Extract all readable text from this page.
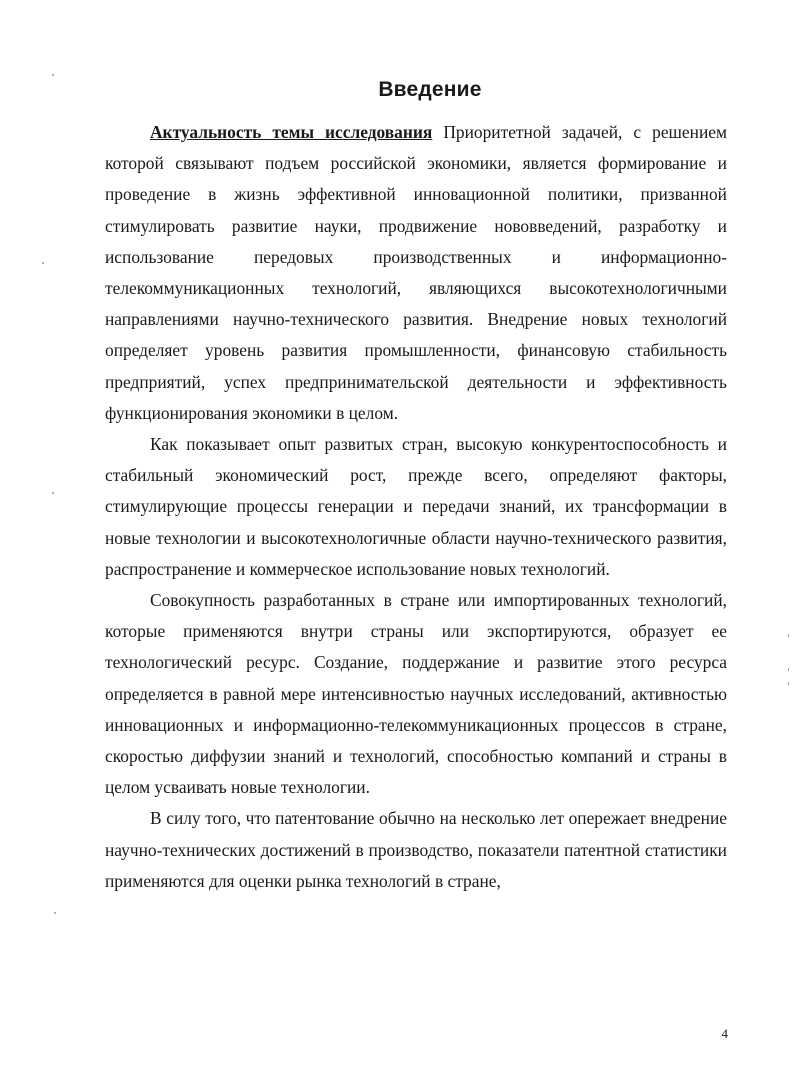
Введение

Актуальность темы исследования Приоритетной задачей, с решением которой связывают подъем российской экономики, является формирование и проведение в жизнь эффективной инновационной политики, призванной стимулировать развитие науки, продвижение нововведений, разработку и использование передовых производственных и информационно-телекоммуникационных технологий, являющихся высокотехнологичными направлениями научно-технического развития. Внедрение новых технологий определяет уровень развития промышленности, финансовую стабильность предприятий, успех предпринимательской деятельности и эффективность функционирования экономики в целом.

Как показывает опыт развитых стран, высокую конкурентоспособность и стабильный экономический рост, прежде всего, определяют факторы, стимулирующие процессы генерации и передачи знаний, их трансформации в новые технологии и высокотехнологичные области научно-технического развития, распространение и коммерческое использование новых технологий.

Совокупность разработанных в стране или импортированных технологий, которые применяются внутри страны или экспортируются, образует ее технологический ресурс. Создание, поддержание и развитие этого ресурса определяется в равной мере интенсивностью научных исследований, активностью инновационных и информационно-телекоммуникационных процессов в стране, скоростью диффузии знаний и технологий, способностью компаний и страны в целом усваивать новые технологии.

В силу того, что патентование обычно на несколько лет опережает внедрение научно-технических достижений в производство, показатели патентной статистики применяются для оценки рынка технологий в стране,

4
